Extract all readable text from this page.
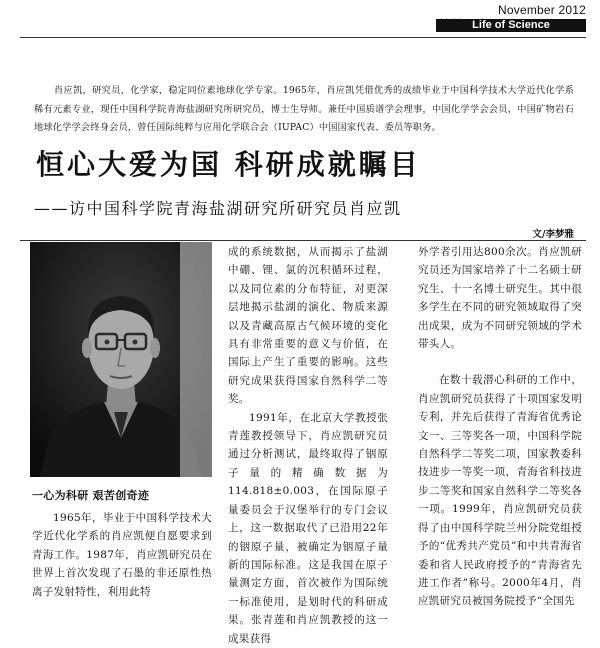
November 2012
Life of Science

肖应凯，研究员，化学家，稳定同位素地球化学专家。1965年，肖应凯凭借优秀的成绩毕业于中国科学技术大学近代化学系稀有元素专业，现任中国科学院青海盐湖研究所研究员，博士生导师。兼任中国质谱学会理事，中国化学学会会员，中国矿物岩石地球化学学会终身会员，曾任国际纯粹与应用化学联合会（IUPAC）中国国家代表、委员等职务。

恒心大爱为国 科研成就瞩目
——访中国科学院青海盐湖研究所研究员肖应凯
文/李梦雅
一心为科研 艰苦创奇迹

1965年，毕业于中国科学技术大学近代化学系的肖应凯便自愿要求到青海工作。1987年，肖应凯研究员在世界上首次发现了石墨的非还原性热离子发射特性，利用此特

成的系统数据，从而揭示了盐湖中硼、锂、氯的沉积循环过程，以及同位素的分布特征，对更深层地揭示盐湖的演化、物质来源以及青藏高原古气候环境的变化具有非常重要的意义与价值，在国际上产生了重要的影响。这些研究成果获得国家自然科学二等奖。

1991年，在北京大学教授张青莲教授领导下，肖应凯研究员通过分析测试，最终取得了铟原子量的精确数据为114.818±0.003，在国际原子量委员会于汉堡举行的专门会议上，这一数据取代了已沿用22年的铟原子量，被确定为铟原子量新的国际标准。这是我国在原子量测定方面，首次被作为国际统一标准使用，是划时代的科研成果。张青莲和肖应凯教授的这一成果获得

外学者引用达800余次。肖应凯研究员还为国家培养了十二名硕士研究生、十一名博士研究生。其中很多学生在不同的研究领域取得了突出成果，成为不同研究领域的学术带头人。

在数十载潜心科研的工作中，肖应凯研究员获得了十项国家发明专利，并先后获得了青海省优秀论文一、三等奖各一项，中国科学院自然科学二等奖二项，国家教委科技进步一等奖一项，青海省科技进步二等奖和国家自然科学二等奖各一项。1999年，肖应凯研究员获得了由中国科学院兰州分院党组授予的“优秀共产党员”和中共青海省委和省人民政府授予的“青海省先进工作者”称号。2000年4月，肖应凯研究员被国务院授予“全国先
